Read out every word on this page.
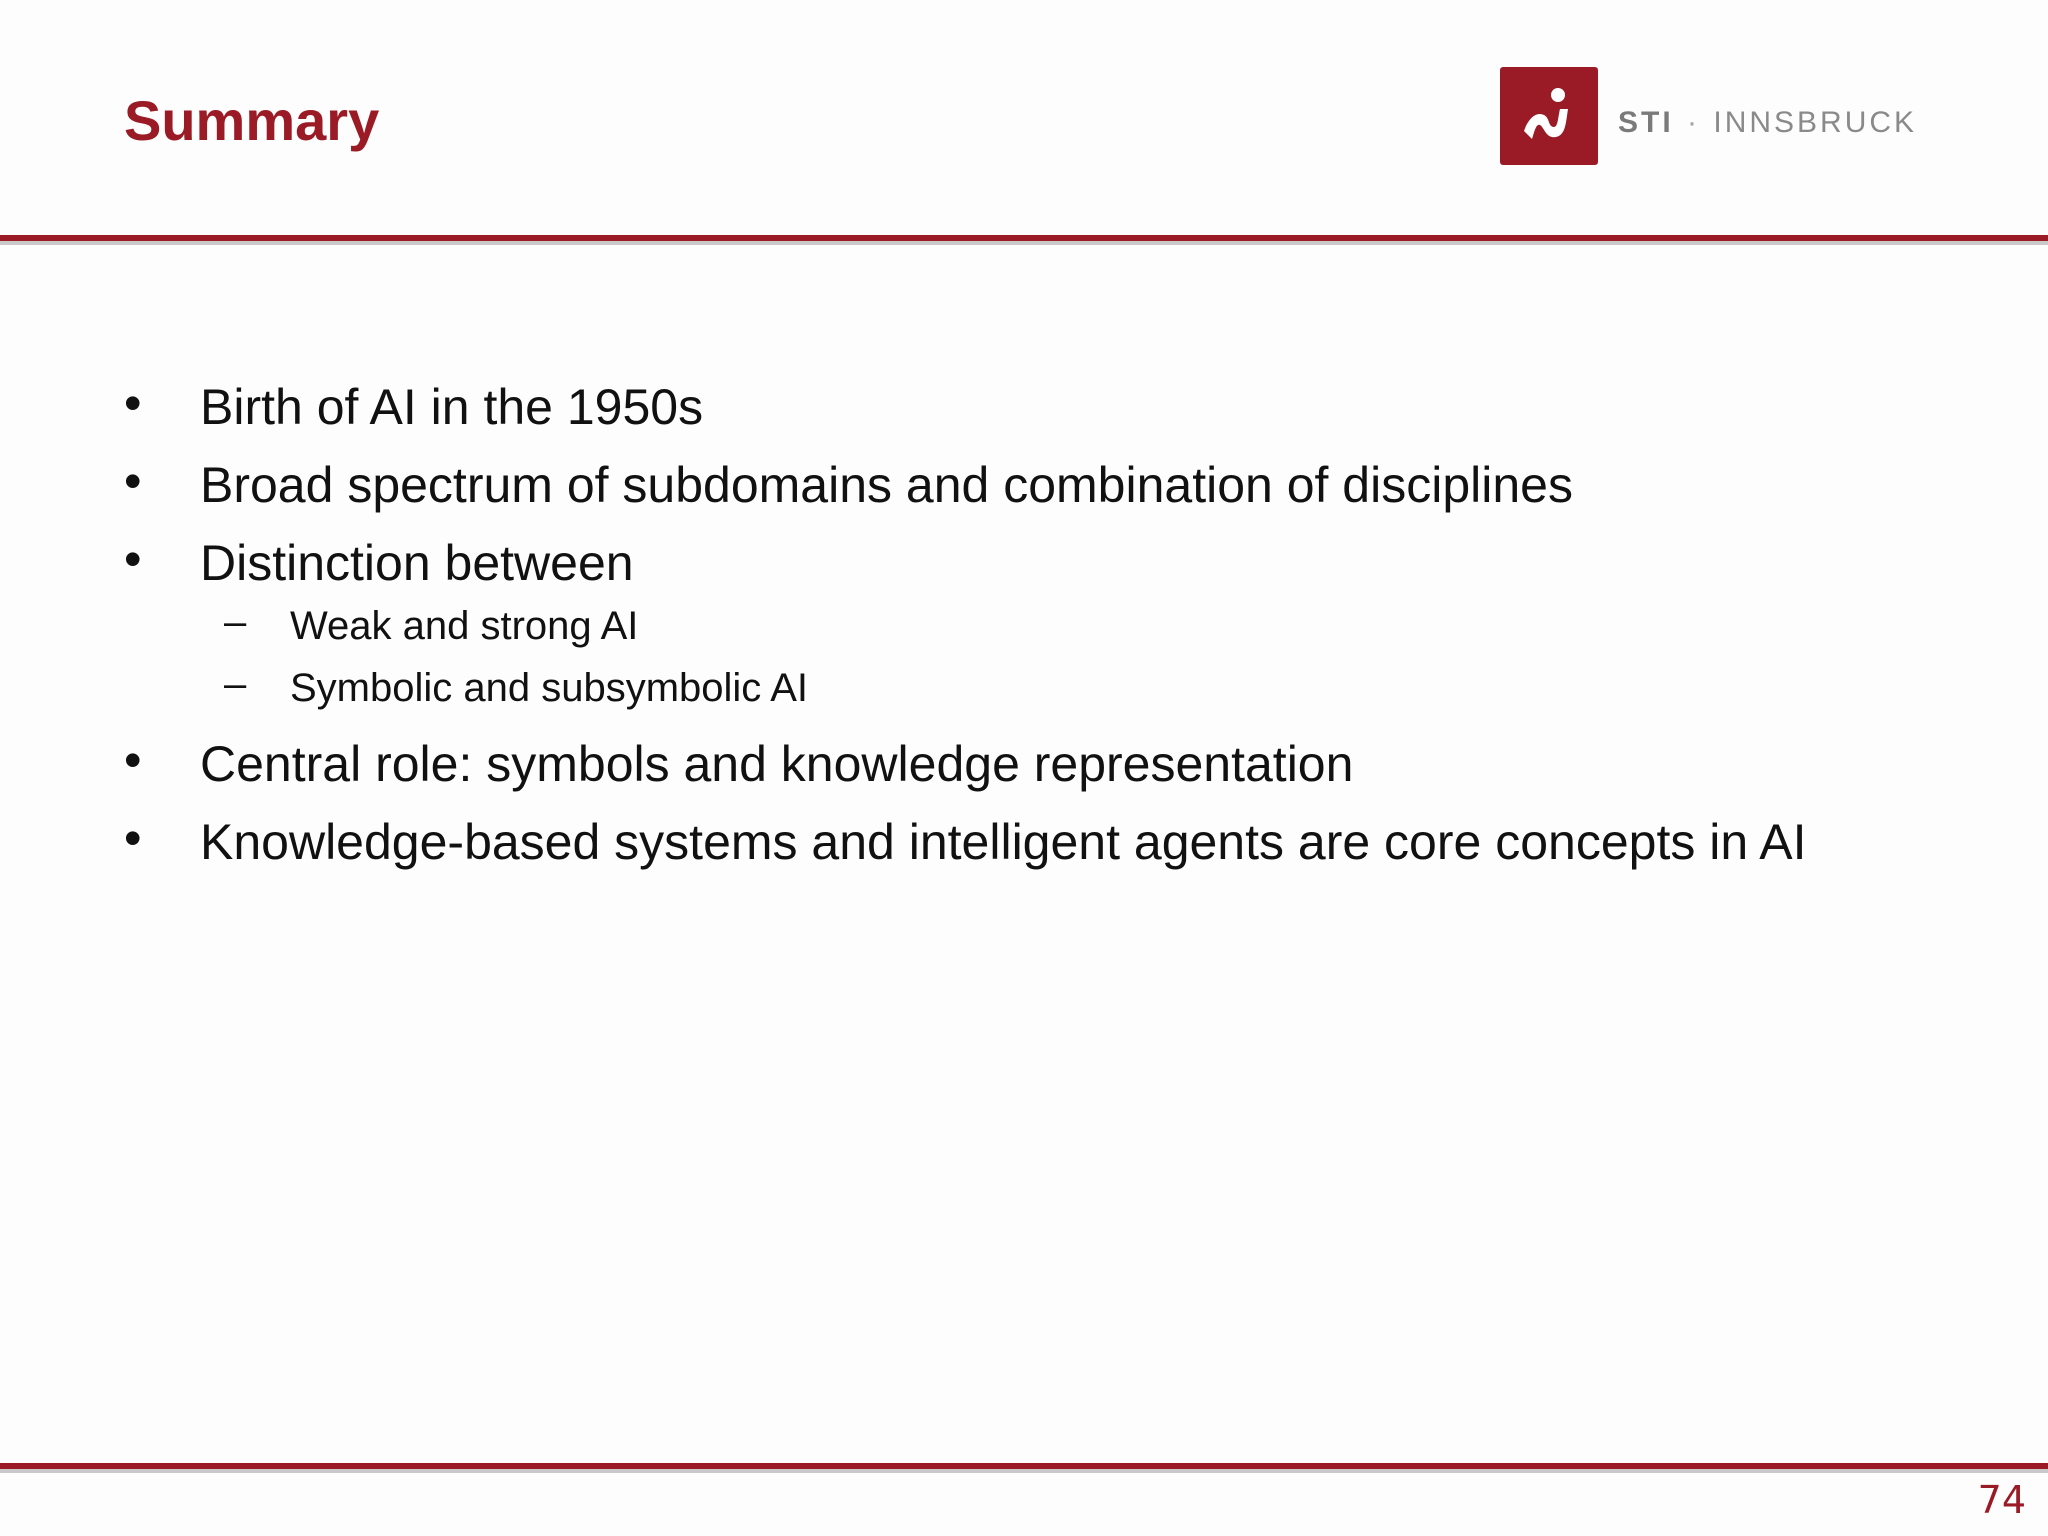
Summary	STI · INNSBRUCK
• Birth of AI in the 1950s
• Broad spectrum of subdomains and combination of disciplines
• Distinction between
– Weak and strong AI
– Symbolic and subsymbolic AI
• Central role: symbols and knowledge representation
• Knowledge-based systems and intelligent agents are core concepts in AI
74
